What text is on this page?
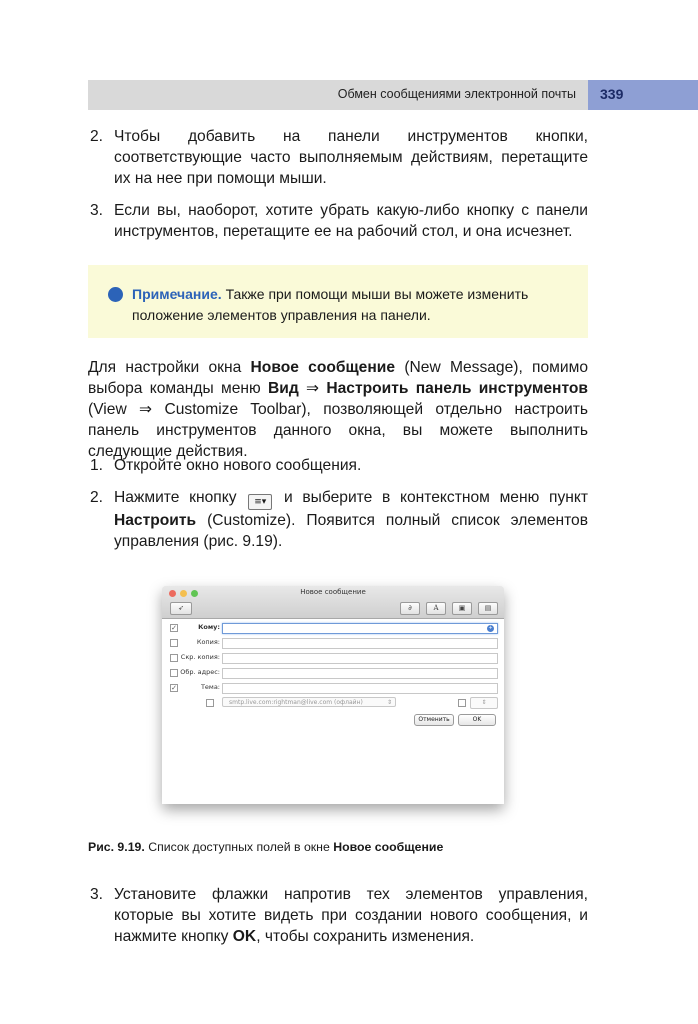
Обмен сообщениями электронной почты 339
2. Чтобы добавить на панели инструментов кнопки, соответствующие часто выполняемым действиям, перетащите их на нее при помощи мыши.
3. Если вы, наоборот, хотите убрать какую-либо кнопку с панели инструментов, перетащите ее на рабочий стол, и она исчезнет.
Примечание. Также при помощи мыши вы можете изменить положение элементов управления на панели.
Для настройки окна Новое сообщение (New Message), помимо выбора команды меню Вид ⇒ Настроить панель инструментов (View ⇒ Customize Toolbar), позволяющей отдельно настроить панель инструментов данного окна, вы можете выполнить следующие действия.
1. Откройте окно нового сообщения.
2. Нажмите кнопку ≡▾ и выберите в контекстном меню пункт Настроить (Customize). Появится полный список элементов управления (рис. 9.19).
Новое сообщение
➶	∂	A	▣	▤
✓	Кому:	+
Копия:
Скр. копия:
Обр. адрес:
✓	Тема:
smtp.live.com:rightman@live.com (офлайн)	⇕	⇕
Отменить	OK
Рис. 9.19. Список доступных полей в окне Новое сообщение
3. Установите флажки напротив тех элементов управления, которые вы хотите видеть при создании нового сообщения, и нажмите кнопку OK, чтобы сохранить изменения.
